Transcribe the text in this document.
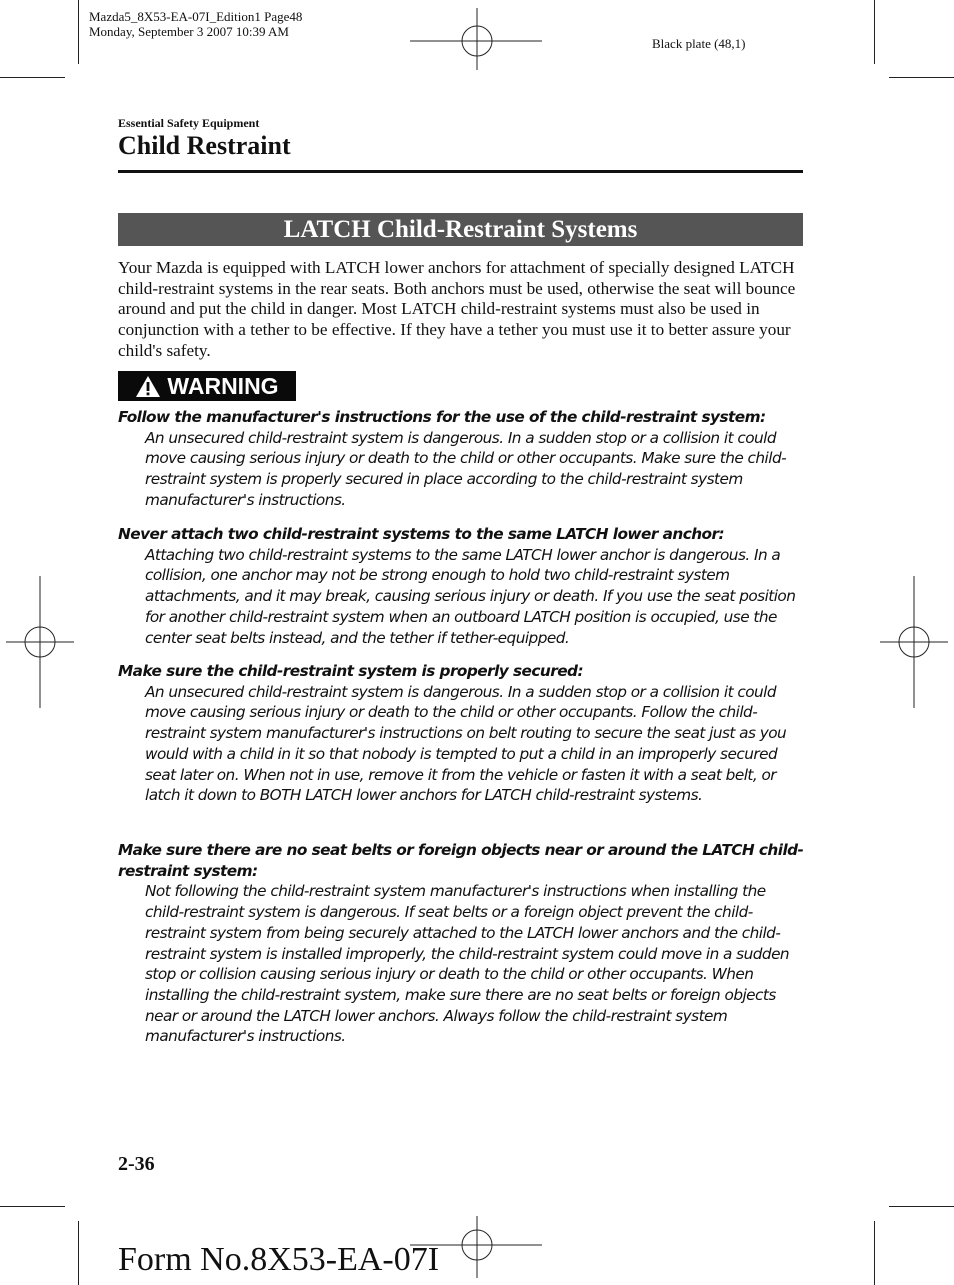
Mazda5_8X53-EA-07I_Edition1 Page48
Monday, September 3 2007 10:39 AM
Black plate (48,1)
Essential Safety Equipment
Child Restraint
LATCH Child-Restraint Systems
Your Mazda is equipped with LATCH lower anchors for attachment of specially designed LATCH child-restraint systems in the rear seats. Both anchors must be used, otherwise the seat will bounce around and put the child in danger. Most LATCH child-restraint systems must also be used in conjunction with a tether to be effective. If they have a tether you must use it to better assure your child's safety.
WARNING
Follow the manufacturer's instructions for the use of the child-restraint system:
An unsecured child-restraint system is dangerous. In a sudden stop or a collision it could move causing serious injury or death to the child or other occupants. Make sure the child-restraint system is properly secured in place according to the child-restraint system manufacturer's instructions.
Never attach two child-restraint systems to the same LATCH lower anchor:
Attaching two child-restraint systems to the same LATCH lower anchor is dangerous. In a collision, one anchor may not be strong enough to hold two child-restraint system attachments, and it may break, causing serious injury or death. If you use the seat position for another child-restraint system when an outboard LATCH position is occupied, use the center seat belts instead, and the tether if tether-equipped.
Make sure the child-restraint system is properly secured:
An unsecured child-restraint system is dangerous. In a sudden stop or a collision it could move causing serious injury or death to the child or other occupants. Follow the child-restraint system manufacturer's instructions on belt routing to secure the seat just as you would with a child in it so that nobody is tempted to put a child in an improperly secured seat later on. When not in use, remove it from the vehicle or fasten it with a seat belt, or latch it down to BOTH LATCH lower anchors for LATCH child-restraint systems.
Make sure there are no seat belts or foreign objects near or around the LATCH child-restraint system:
Not following the child-restraint system manufacturer's instructions when installing the child-restraint system is dangerous. If seat belts or a foreign object prevent the child-restraint system from being securely attached to the LATCH lower anchors and the child-restraint system is installed improperly, the child-restraint system could move in a sudden stop or collision causing serious injury or death to the child or other occupants. When installing the child-restraint system, make sure there are no seat belts or foreign objects near or around the LATCH lower anchors. Always follow the child-restraint system manufacturer's instructions.
2-36
Form No.8X53-EA-07I
